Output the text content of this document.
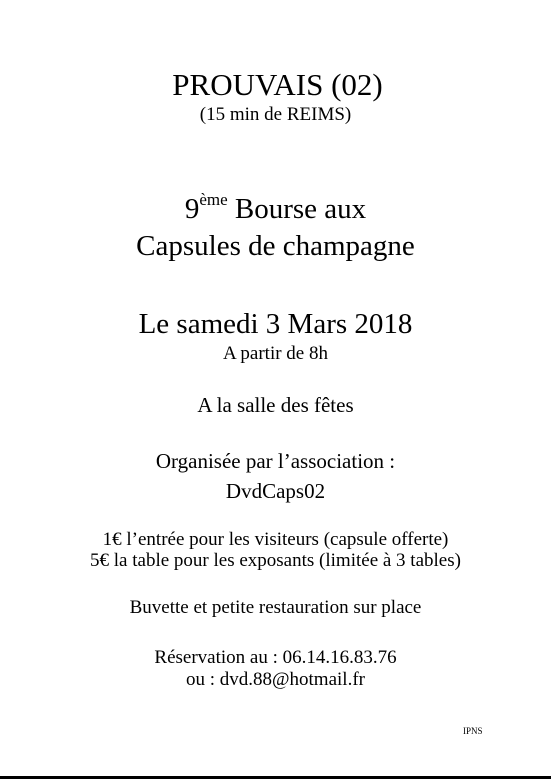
PROUVAIS (02)
(15 min de REIMS)
9ème Bourse aux
Capsules de champagne
Le samedi 3 Mars 2018
A partir de 8h
A la salle des fêtes
Organisée par l’association :
DvdCaps02
1€ l’entrée pour les visiteurs (capsule offerte)
5€ la table pour les exposants (limitée à 3 tables)
Buvette et petite restauration sur place
Réservation au : 06.14.16.83.76
ou : dvd.88@hotmail.fr
IPNS
